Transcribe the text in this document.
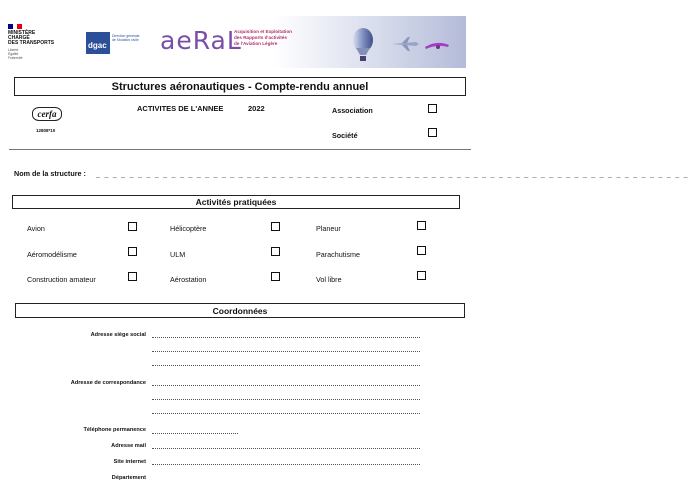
MINISTÈRE
CHARGÉ
DES TRANSPORTS
Liberté
Égalité
Fraternité
dgac
Direction générale de l'Aviation civile aeRaL
Acquisition et Exploitation
des Rapports d'activités
de l'Aviation Légère
Structures aéronautiques - Compte-rendu annuel
cerfa
12808*10
ACTIVITES DE L'ANNEE	2022	Association
Société
Nom de la structure : _ _ _ _ _ _ _ _ _ _ _ _ _ _ _ _ _ _ _ _ _ _ _ _ _ _ _ _ _ _ _ _ _ _ _ _ _ _ _ _ _ _ _ _ _ _ _ _ _ _ _ _ _ _ _ _ _ _ _ _ _ _ _ _ _ _ _ _ _ _ _
Activités pratiquées
Avion	Hélicoptère	Planeur
Aéromodélisme	ULM	Parachutisme
Construction amateur	Aérostation	Vol libre
Coordonnées
Adresse siège social
Adresse de correspondance
Téléphone permanence
Adresse mail
Site internet
Département
